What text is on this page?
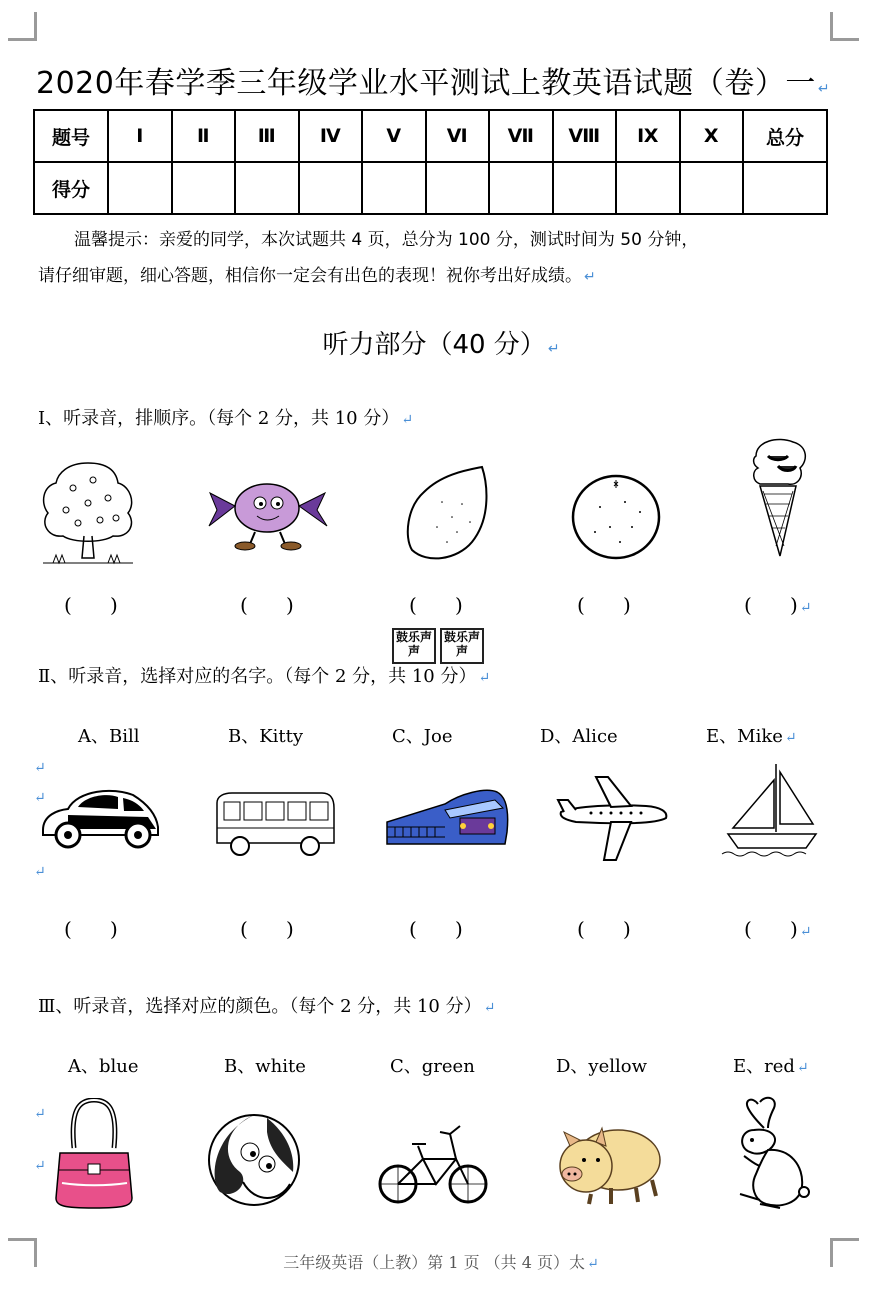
2020年春学季三年级学业水平测试上教英语试题（卷）一 ↵
题号	Ⅰ	Ⅱ	Ⅲ	Ⅳ	Ⅴ	Ⅵ	Ⅶ	Ⅷ	Ⅸ	Ⅹ	总分
得分											
温馨提示：亲爱的同学，本次试题共 4 页，总分为 100 分，测试时间为 50 分钟，
请仔细审题，细心答题，相信你一定会有出色的表现！祝你考出好成绩。 ↵
听力部分（40 分） ↵
Ⅰ、听录音，排顺序。（每个 2 分，共 10 分） ↵
(      )	(      )	(      )	(      )	(      ) ↵
鼓乐声声
鼓乐声声
Ⅱ、听录音，选择对应的名字。（每个 2 分，共 10 分） ↵
A、Bill	B、Kitty	C、Joe	D、Alice	E、Mike ↵
↵
↵
↵
(      )	(      )	(      )	(      )	(      ) ↵
Ⅲ、听录音，选择对应的颜色。（每个 2 分，共 10 分） ↵
A、blue	B、white	C、green	D、yellow	E、red ↵
↵
↵
三年级英语（上教）第 1 页 （共 4 页）太 ↵
